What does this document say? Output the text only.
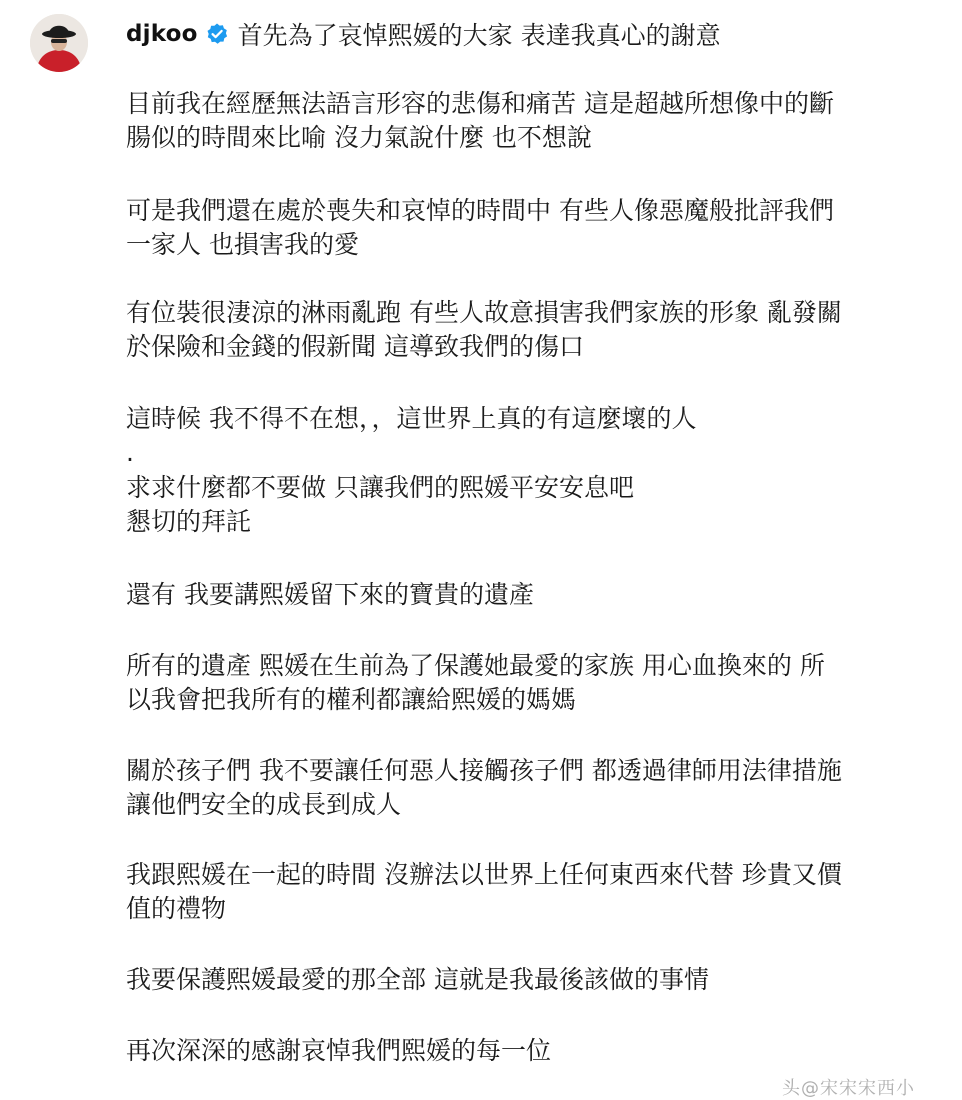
djkoo 首先為了哀悼熙媛的大家 表達我真心的謝意
目前我在經歷無法語言形容的悲傷和痛苦 這是超越所想像中的斷
腸似的時間來比喻 沒力氣說什麼 也不想說
可是我們還在處於喪失和哀悼的時間中 有些人像惡魔般批評我們
一家人 也損害我的愛
有位裝很淒涼的淋雨亂跑 有些人故意損害我們家族的形象 亂發關
於保險和金錢的假新聞 這導致我們的傷口
這時候 我不得不在想，，這世界上真的有這麼壞的人
.
求求什麼都不要做 只讓我們的熙媛平安安息吧
懇切的拜託
還有 我要講熙媛留下來的寶貴的遺產
所有的遺產 熙媛在生前為了保護她最愛的家族 用心血換來的 所
以我會把我所有的權利都讓給熙媛的媽媽
關於孩子們 我不要讓任何惡人接觸孩子們 都透過律師用法律措施
讓他們安全的成長到成人
我跟熙媛在一起的時間 沒辦法以世界上任何東西來代替 珍貴又價
值的禮物
我要保護熙媛最愛的那全部 這就是我最後該做的事情
再次深深的感謝哀悼我們熙媛的每一位
头@宋宋宋西小
